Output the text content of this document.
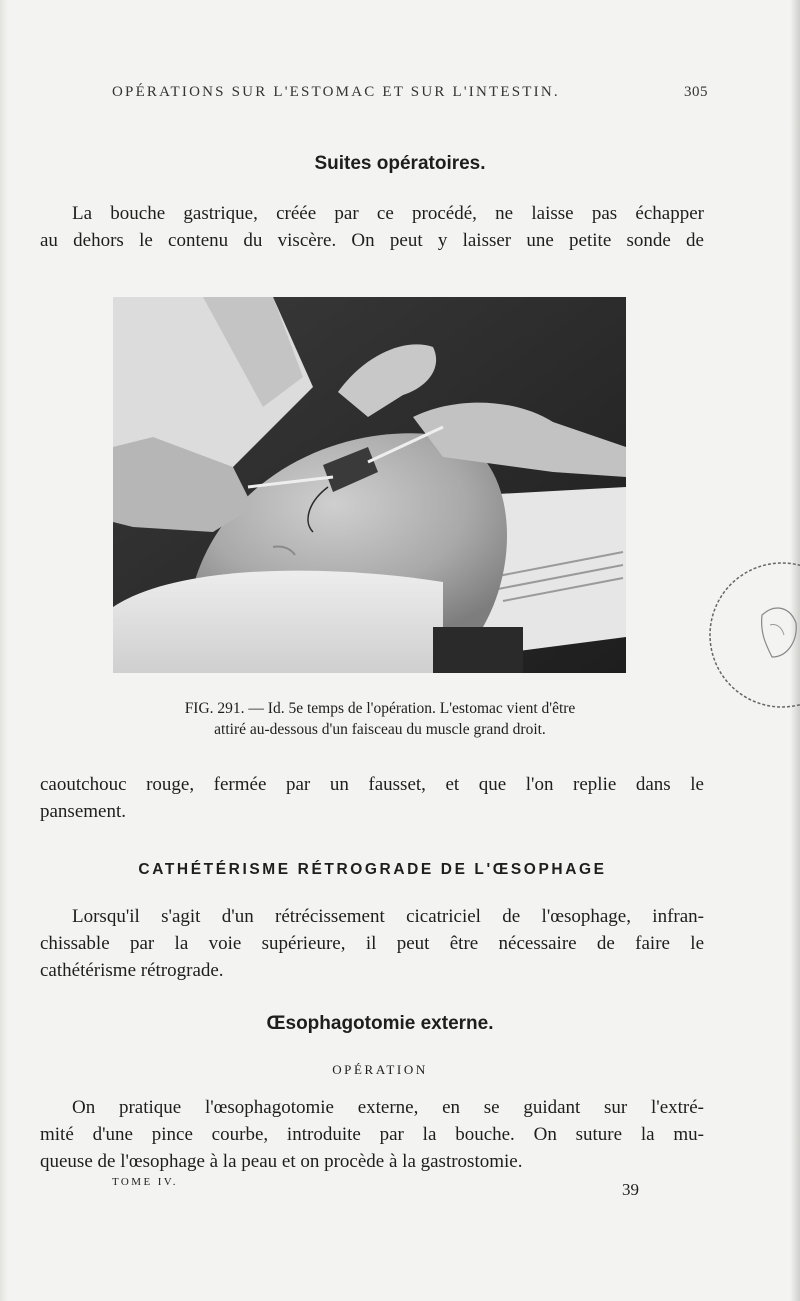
OPÉRATIONS SUR L'ESTOMAC ET SUR L'INTESTIN.	305
Suites opératoires.
La bouche gastrique, créée par ce procédé, ne laisse pas échapper
au dehors le contenu du viscère. On peut y laisser une petite sonde de
FIG. 291. — Id. 5e temps de l'opération. L'estomac vient d'être
attiré au-dessous d'un faisceau du muscle grand droit.
caoutchouc rouge, fermée par un fausset, et que l'on replie dans le
pansement.
CATHÉTÉRISME RÉTROGRADE DE L'ŒSOPHAGE
Lorsqu'il s'agit d'un rétrécissement cicatriciel de l'œsophage, infran-
chissable par la voie supérieure, il peut être nécessaire de faire le
cathétérisme rétrograde.
Œsophagotomie externe.
OPÉRATION
On pratique l'œsophagotomie externe, en se guidant sur l'extré-
mité d'une pince courbe, introduite par la bouche. On suture la mu-
queuse de l'œsophage à la peau et on procède à la gastrostomie.
TOME IV.	39
